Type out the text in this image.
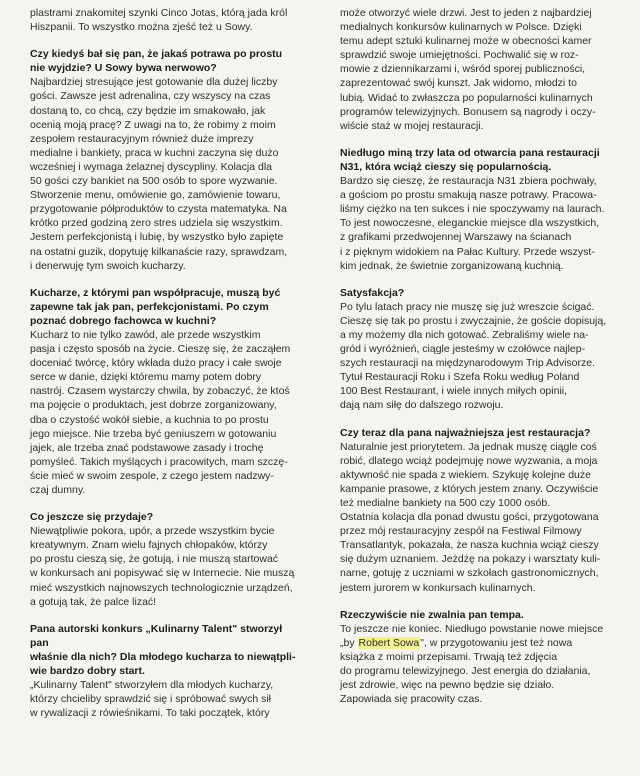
plastrami znakomitej szynki Cinco Jotas, którą jada król

Hiszpanii. To wszystko można zjeść też u Sowy.

Czy kiedyś bał się pan, że jakaś potrawa po prostu

nie wyjdzie? U Sowy bywa nerwowo?

Najbardziej stresujące jest gotowanie dla dużej liczby

gości. Zawsze jest adrenalina, czy wszyscy na czas

dostaną to, co chcą, czy będzie im smakowało, jak

ocenią moją pracę? Z uwagi na to, że robimy z moim

zespołem restauracyjnym również duże imprezy

medialne i bankiety, praca w kuchni zaczyna się dużo

wcześniej i wymaga żelaznej dyscypliny. Kolacja dla

50 gości czy bankiet na 500 osób to spore wyzwanie.

Stworzenie menu, omówienie go, zamówienie towaru,

przygotowanie półproduktów to czysta matematyka. Na

krótko przed godziną zero stres udziela się wszystkim.

Jestem perfekcjonistą i lubię, by wszystko było zapięte

na ostatni guzik, dopytuję kilkanaście razy, sprawdzam,

i denerwuję tym swoich kucharzy.

Kucharze, z którymi pan współpracuje, muszą być

zapewne tak jak pan, perfekcjonistami. Po czym

poznać dobrego fachowca w kuchni?

Kucharz to nie tylko zawód, ale przede wszystkim

pasja i często sposób na życie. Cieszę się, że zacząłem

doceniać twórcę, który wkłada dużo pracy i całe swoje

serce w danie, dzięki któremu mamy potem dobry

nastrój. Czasem wystarczy chwila, by zobaczyć, że ktoś

ma pojęcie o produktach, jest dobrze zorganizowany,

dba o czystość wokół siebie, a kuchnia to po prostu

jego miejsce. Nie trzeba być geniuszem w gotowaniu

jajek, ale trzeba znać podstawowe zasady i trochę

pomyśleć. Takich myślących i pracowitych, mam szczę-

ście mieć w swoim zespole, z czego jestem nadzwy-

czaj dumny.

Co jeszcze się przydaje?

Niewątpliwie pokora, upór, a przede wszystkim bycie

kreatywnym. Znam wielu fajnych chłopaków, którzy

po prostu cieszą się, że gotują, i nie muszą startować

w konkursach ani popisywać się w Internecie. Nie muszą

mieć wszystkich najnowszych technologicznie urządzeń,

a gotują tak, że palce lizać!

Pana autorski konkurs „Kulinarny Talent" stworzył pan

właśnie dla nich? Dla młodego kucharza to niewątpli-

wie bardzo dobry start.

„Kulinarny Talent" stworzyłem dla młodych kucharzy,

którzy chcieliby sprawdzić się i spróbować swych sił

w rywalizacji z rówieśnikami. To taki początek, który

może otworzyć wiele drzwi. Jest to jeden z najbardziej

medialnych konkursów kulinarnych w Polsce. Dzięki

temu adept sztuki kulinarnej może w obecności kamer

sprawdzić swoje umiejętności. Pochwalić się w roz-

mowie z dziennikarzami i, wśród sporej publiczności,

zaprezentować swój kunszt. Jak widomo, młodzi to

lubią. Widać to zwłaszcza po popularności kulinarnych

programów telewizyjnych. Bonusem są nagrody i oczy-

wiście staż w mojej restauracji.

Niedługo miną trzy lata od otwarcia pana restauracji

N31, która wciąż cieszy się popularnością.

Bardzo się cieszę, że restauracja N31 zbiera pochwały,

a gościom po prostu smakują nasze potrawy. Pracowa-

liśmy ciężko na ten sukces i nie spoczywamy na laurach.

To jest nowoczesne, eleganckie miejsce dla wszystkich,

z grafikami przedwojennej Warszawy na ścianach

i z pięknym widokiem na Pałac Kultury. Przede wszyst-

kim jednak, że świetnie zorganizowaną kuchnią.

Satysfakcja?

Po tylu latach pracy nie muszę się już wreszcie ścigać.

Cieszę się tak po prostu i zwyczajnie, że goście dopisują,

a my możemy dla nich gotować. Zebraliśmy wiele na-

gród i wyróżnień, ciągle jesteśmy w czołówce najlep-

szych restauracji na międzynarodowym Trip Advisorze.

Tytuł Restauracji Roku i Szefa Roku według Poland

100 Best Restaurant, i wiele innych miłych opinii,

dają nam siłę do dalszego rozwoju.

Czy teraz dla pana najważniejsza jest restauracja?

Naturalnie jest priorytetem. Ja jednak muszę ciągle coś

robić, dlatego wciąż podejmuję nowe wyzwania, a moja

aktywność nie spada z wiekiem. Szykuję kolejne duże

kampanie prasowe, z których jestem znany. Oczywiście

też medialne bankiety na 500 czy 1000 osób.

Ostatnia kolacja dla ponad dwustu gości, przygotowana

przez mój restauracyjny zespół na Festiwal Filmowy

Transatlantyk, pokazała, że nasza kuchnia wciąż cieszy

się dużym uznaniem. Jeżdżę na pokazy i warsztaty kuli-

narne, gotuję z uczniami w szkołach gastronomicznych,

jestem jurorem w konkursach kulinarnych.

Rzeczywiście nie zwalnia pan tempa.

To jeszcze nie koniec. Niedługo powstanie nowe miejsce

„by Robert Sowa", w przygotowaniu jest też nowa

książka z moimi przepisami. Trwają też zdjęcia

do programu telewizyjnego. Jest energia do działania,

jest zdrowie, więc na pewno będzie się działo.

Zapowiada się pracowity czas.
